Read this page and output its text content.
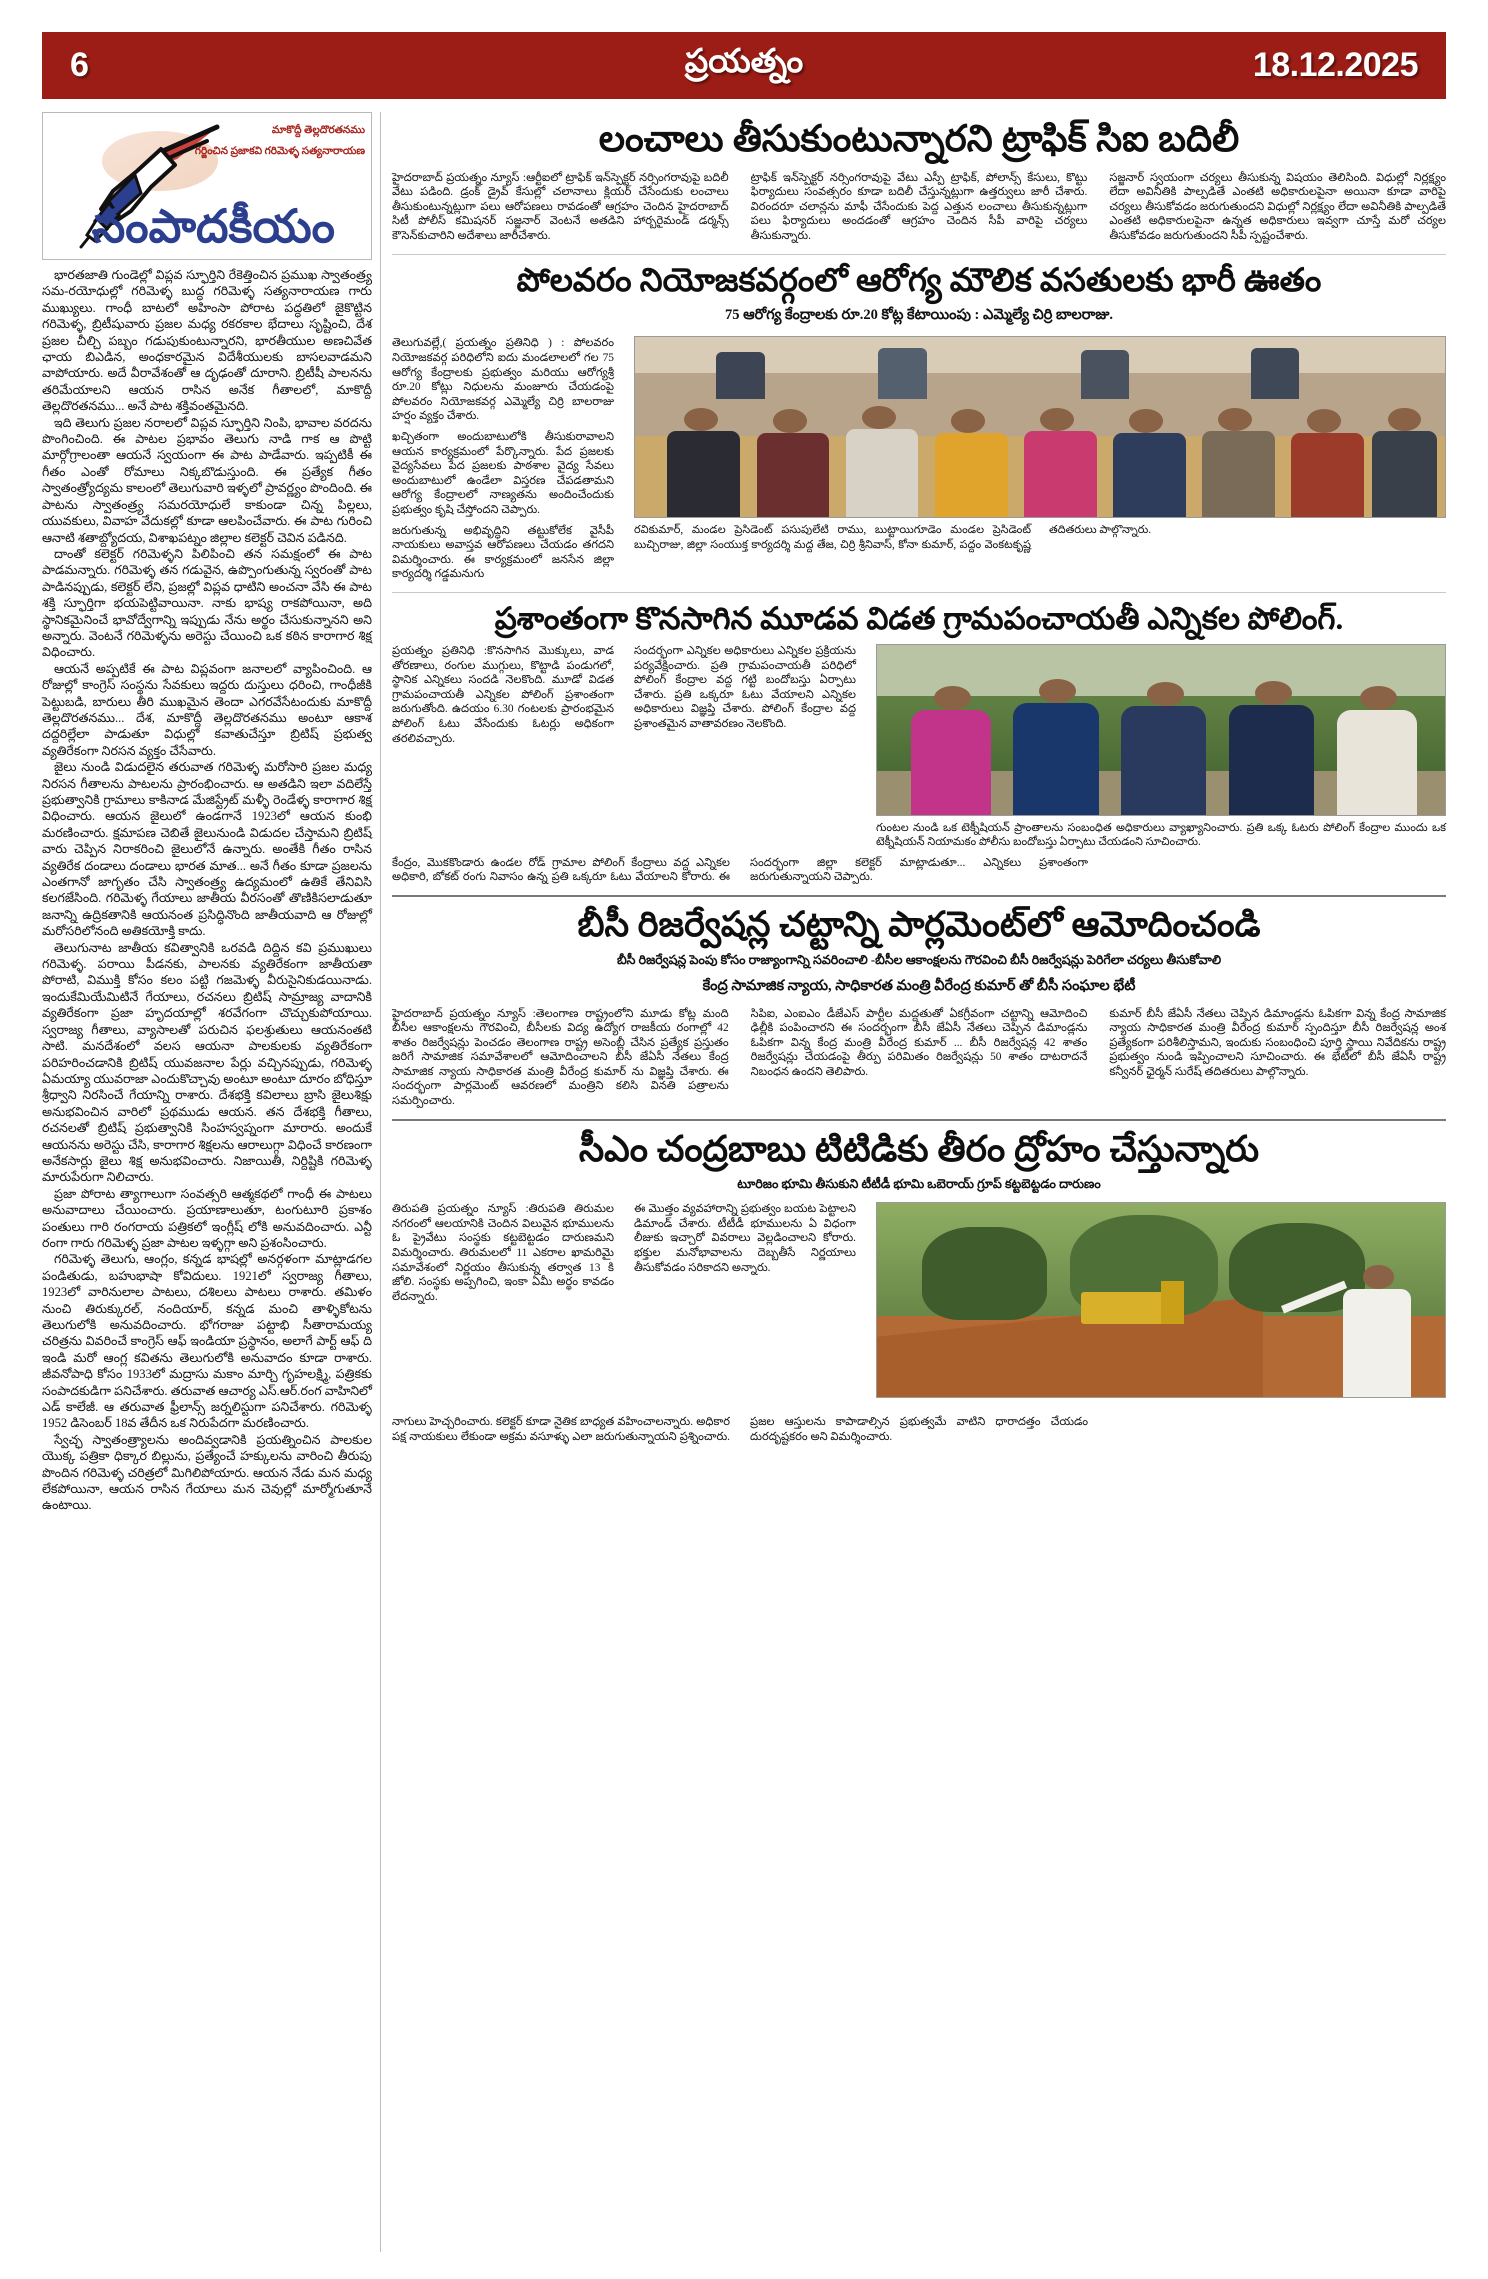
6	ప్రయత్నం	18.12.2025
మాకొద్దీ తెల్లదొరతనము
గర్జించిన ప్రజాకవి గరిమెళ్ళ సత్యనారాయణ
సంపాదకీయం

భారతజాతి గుండెల్లో విప్లవ స్ఫూర్తిని రేకెత్తించిన ప్రముఖ స్వాతంత్ర్య సమ-రయోధుల్లో గరిమెళ్ళ బుద్ధ గరిమెళ్ళ సత్యనారాయణ గారు ముఖ్యులు. గాంధీ బాటలో అహింసా పోరాట పద్ధతిలో జైకొట్టిన గరిమెళ్ళ, బ్రిటీషువారు ప్రజల మధ్య రకరకాల భేదాలు సృష్టించి, దేశ ప్రజల చీల్చి పబ్బం గడుపుకుంటున్నారని, భారతీయుల అణచివేత ఛాయ బిఎడిన, అంధకారమైన విదేశీయులకు బాసలవాడమని వాపోయారు. అదే వీరావేశంతో ఆ దృఢంతో దూరాని. బ్రిటీషీ పాలనను తరిమేయాలని ఆయన రాసిన అనేక గీతాలలో, మాకొద్దీ తెల్లదొరతనము... అనే పాట శక్తివంతమైనది.

ఇది తెలుగు ప్రజల నరాలలో విప్లవ స్ఫూర్తిని నింపి, భావాల వరదను పొంగించింది. ఈ పాటల ప్రభావం తెలుగు నాడి గాక ఆ పొట్టి మార్గోగ్రాలంతా ఆయనే స్వయంగా ఈ పాట పాడేవారు. ఇప్పటికీ ఈ గీతం ఎంతో రోమాలు నిక్కబొడుస్తుంది. ఈ ప్రత్యేక గీతం స్వాతంత్ర్యోద్యమ కాలంలో తెలుగువారి ఇళ్ళలో ప్రావర్ణ్యం పొందింది. ఈ పాటను స్వాతంత్ర్య సమరయోధులే కాకుండా చిన్న పిల్లలు, యువకులు, వివాహ వేదుకల్లో కూడా ఆలపించేవారు. ఈ పాట గురించి ఆనాటి శతాబ్ద్యోదయ, విశాఖపట్నం జిల్లాల కలెక్టర్ చెవిన పడినది.

దాంతో కలెక్టర్ గరిమెళ్ళని పిలిపించి తన సమక్షంలో ఈ పాట పాడమన్నారు. గరిమెళ్ళ తన గడువైన, ఉప్పొంగుతున్న స్వరంతో పాట పాడినప్పుడు, కలెక్టర్ లేని, ప్రజల్లో విప్లవ ధాటిని అంచనా వేసి ఈ పాట శక్తి స్ఫూర్తిగా భయపెట్టివాయినా. నాకు భాష్య రాకపోయినా, అది స్థానికమైనించే భావోద్వేగాన్ని ఇప్పుడు నేను అర్థం చేసుకున్నానని అని అన్నారు. వెంటనే గరిమెళ్ళను అరెస్టు చేయించి ఒక కఠిన కారాగార శిక్ష విధించారు.

ఆయనే అప్పటికే ఈ పాట విప్లవంగా జనాలలో వ్యాపించింది. ఆ రోజుల్లో కాంగ్రెస్ సంస్థను సేవకులు ఇద్దరు దుస్తులు ధరించి, గాంధీజీకి పెట్టుబడి, బారులు తీరి ముఖమైన తెందా ఎగరవేసేటందుకు మాకొద్దీ తెల్లదొరతనము... దేశ, మాకొద్దీ తెల్లదొరతనము అంటూ ఆకాశ దద్దరిల్లేలా పాడుతూ విధుల్లో కవాతుచేస్తూ బ్రిటిష్ ప్రభుత్వ వ్యతిరేకంగా నిరసన వ్యక్తం చేసేవారు.

జైలు నుండి విడుదలైన తరువాత గరిమెళ్ళ మరోసారి ప్రజల మధ్య నిరసన గీతాలను పాటలను ప్రారంభించారు. ఆ అతడిని ఇలా వదిలేస్తే ప్రభుత్వానికి గ్రామాలు కాకినాడ మేజిస్ట్రేట్ మళ్ళీ రెండేళ్ళ కారాగార శిక్ష విధించారు. ఆయన జైలులో ఉండగానే 1923లో ఆయన కుంభి మరణించారు. క్షమాపణ చెబితే జైలునుండి విడుదల చేస్తామని బ్రిటిష్ వారు చెప్పిన నిరాకరించి జైలులోనే ఉన్నారు. అంతేకి గీతం రాసిన వ్యతిరేక దండాలు దండాలు భారత మాత... అనే గీతం కూడా ప్రజలను ఎంతగానో జాగృతం చేసి స్వాతంత్ర్య ఉద్యమంలో ఉతికే తేనివిసి కలగజేసింది. గరిమెళ్ళ గేయాలు జాతీయ వీరసంతో తొణికిసలాడుతూ జనాన్ని ఉద్రికతానికి ఆయనంత ప్రసిద్ధినొంది జాతీయవాది ఆ రోజుల్లో మరోసరిలోనంది అతికయోక్తి కాదు.

తెలుగునాట జాతీయ కవిత్వానికి ఒరవడి దిద్దిన కవి ప్రముఖులు గరిమెళ్ళ. పరాయి పీడనకు, పాలనకు వ్యతిరేకంగా జాతీయతా పోరాటి, విముక్తి కోసం కలం పట్టి గజమెళ్ళ వీరుసైనికుడయినాడు. ఇందుకేమియేమిటినే గేయాలు, రచనలు బ్రిటిష్ సామ్రాజ్య వాదానికి వ్యతిరేకంగా ప్రజా హృదయాల్లో శరవేగంగా చొచ్చుకుపోయాయి. స్వరాజ్య గీతాలు, వ్యాసాలతో పరుచిన ఫలశ్రుతులు ఆయనంతటి సాటి. మనదేశంలో వలస ఆయనా పాలకులకు వ్యతిరేకంగా పరిహరించడానికి బ్రిటిష్ యువజనాల పేర్లు వచ్చినప్పుడు, గరిమెళ్ళ ఏమయ్యా యువరాజా ఎందుకొచ్చావు అంటూ అంటూ దూరం బోధిస్తూ శ్రీధ్వాని నిరసించే గేయాన్ని రాశారు. దేశభక్తి కవిలాలు బ్రాసి జైలుశిక్షు అనుభవించిన వారిలో ప్రథముడు ఆయన. తన దేశభక్తి గీతాలు, రచనలతో బ్రిటిష్ ప్రభుత్వానికి సింహస్వప్నంగా మారారు. అందుకే ఆయనను అరెస్టు చేసి, కారాగార శిక్షలను ఆరాలుగ్గా విధించే కారణంగా అనేకసార్లు జైలు శిక్ష అనుభవించారు. నిజాయితీ, నిర్దిష్టికి గరిమెళ్ళ మారుపేరుగా నిలిచారు.

ప్రజా పోరాట త్యాగాలుగా సంవత్సరి ఆత్మకథలో గాంధీ ఈ పాటలు అనువాదాలు చేయించారు. ప్రయాణాలుతూ, టంగుటూరి ప్రకాశం పంతులు గారి రంగరాయ పత్రికలో ఇంగ్లీష్ లోకి అనువదించారు. ఎన్టీ రంగా గారు గరిమెళ్ళ ప్రజా పాటల ఇళ్ళగ్గా అని ప్రశంసించారు.

గరిమెళ్ళ తెలుగు, ఆంగ్లం, కన్నడ భాషల్లో అనర్గళంగా మాట్లాడగల పండితుడు, బహుభాషా కోవిదులు. 1921లో స్వరాజ్య గీతాలు, 1923లో వారినులాల పాటలు, దశిలలు పాటలు రాశారు. తమిళం నుంచి తిరుక్కురల్, నందియార్, కన్నడ మంచి తాళ్ళికోటను తెలుగులోకి అనువదించారు. భోగరాజు పట్టాభి సీతారామయ్య చరిత్రను వివరించే కాంగ్రెస్ ఆఫ్ ఇండియా ప్రస్థానం, అలాగే పార్ట్ ఆఫ్ ది ఇండి మరో ఆంగ్ల కవితను తెలుగులోకి అనువాదం కూడా రాశారు. జీవనోపాధి కోసం 1933లో మద్రాసు మకాం మార్చి గృహలక్ష్మి, పత్రికకు సంపాదకుడిగా పనిచేశారు. తరువాత ఆచార్య ఎస్.ఆర్.రంగ వాహినిలో ఎడ్ కాలేజీ. ఆ తరువాత ఫ్రీలాన్స్ జర్నలిస్టుగా పనిచేశారు. గరిమెళ్ళ 1952 డిసెంబర్ 18వ తేదీన ఒక నిరుపేదగా మరణించారు.

స్వేచ్ఛ స్వాతంత్ర్యాలను అందివ్వడానికి ప్రయత్నించిన పాలకుల యొక్క పత్రికా ధిక్కార బిల్లును, ప్రత్యేంచే హక్కులను వారించి తీరుపు పొందిన గరిమెళ్ళ చరిత్రలో మిగిలిపోయారు. ఆయన నేడు మన మధ్య లేకపోయినా, ఆయన రాసిన గేయాలు మన చెవుల్లో మార్మోగుతూనే ఉంటాయి.

లంచాలు తీసుకుంటున్నారని ట్రాఫిక్ సిఐ బదిలీ

హైదరాబాద్ ప్రయత్నం న్యూస్ :ఆర్టీఐలో ట్రాఫిక్ ఇన్‌స్పెక్టర్ నర్సింగరావుపై బదిలీ వేటు పడింది. డ్రంక్ డ్రైవ్ కేసుల్లో చలానాలు క్లియర్ చేసేందుకు లంచాలు తీసుకుంటున్నట్లుగా పలు ఆరోపణలు రావడంతో ఆగ్రహం చెందిన హైదరాబాద్ సిటీ పోలీస్ కమిషనర్ సజ్జనార్ వెంటనే అతడిని హార్బరైమండ్ డర్మన్స్ కౌసెన్‌కుచారిని అదేశాలు జారీచేశారు.

ట్రాఫిక్ ఇన్‌స్పెక్టర్ నర్సింగరావుపై వేటు ఎస్పీ ట్రాఫిక్, పోలాన్స్ కేసులు, కొట్టు ఫిర్యాదులు సంవత్సరం కూడా బదిలీ చేస్తున్నట్లుగా ఉత్తర్వులు జారీ చేశారు. విరందరూ చలాన్లను మాఫీ చేసేందుకు పెద్ద ఎత్తున లంచాలు తీసుకున్నట్లుగా పలు ఫిర్యాదులు అందడంతో ఆగ్రహం చెందిన సీపీ వారిపై చర్యలు తీసుకున్నారు.

సజ్జనార్ స్వయంగా చర్యలు తీసుకున్న విషయం తెలిసింది. విధుల్లో నిర్లక్ష్యం లేదా అవినీతికి పాల్పడితే ఎంతటి అధికారులపైనా అయినా కూడా వారిపై చర్యలు తీసుకోవడం జరుగుతుందని విధుల్లో నిర్లక్ష్యం లేదా అవినీతికి పాల్పడితే ఎంతటి అధికారులపైనా ఉన్నత అధికారులు ఇవ్వగా చూస్తే మరో చర్యల తీసుకోవడం జరుగుతుందని సీపీ స్పష్టంచేశారు.

పోలవరం నియోజకవర్గంలో ఆరోగ్య మౌలిక వసతులకు భారీ ఊతం
75 ఆరోగ్య కేంద్రాలకు రూ.20 కోట్ల కేటాయింపు : ఎమ్మెల్యే చిర్రి బాలరాజు.

తెలుగువల్లే,( ప్రయత్నం ప్రతినిధి ) : పోలవరం నియోజకవర్గ పరిధిలోని ఐదు మండలాలలో గల 75 ఆరోగ్య కేంద్రాలకు ప్రభుత్వం మరియు ఆరోగ్యశ్రీ రూ.20 కోట్లు నిధులను మంజూరు చేయడంపై పోలవరం నియోజకవర్గ ఎమ్మెల్యే చిర్రి బాలరాజు హర్షం వ్యక్తం చేశారు.

ఖచ్చితంగా అందుబాటులోకి తీసుకురావాలని ఆయన కార్యక్రమంలో పేర్కొన్నారు. పేద ప్రజలకు వైద్యసేవలు పేద ప్రజలకు పాఠశాల వైద్య సేవలు అందుబాటులో ఉండేలా విస్తరణ చేపడతామని ఆరోగ్య కేంద్రాలలో నాణ్యతను అందించేందుకు ప్రభుత్వం కృషి చేస్తోందని చెప్పారు.

జరుగుతున్న అభివృద్ధిని తట్టుకోలేక వైసీపీ నాయకులు అవాస్తవ ఆరోపణలు చేయడం తగదని విమర్శించారు. ఈ కార్యక్రమంలో జనసేన జిల్లా కార్యదర్శి గడ్డమనుగు

రవికుమార్, మండల ప్రెసిడెంట్ పసుపులేటి రాము, బుట్టాయిగూడెం మండల ప్రెసిడెంట్ బుచ్చిరాజు, జిల్లా సంయుక్త కార్యదర్శి మద్ద తేజ, చిర్రి శ్రీనివాస్, కోనా కుమార్, పద్దం వెంకటకృష్ణ తదితరులు పాల్గొన్నారు.
ప్రశాంతంగా కొనసాగిన మూడవ విడత గ్రామపంచాయతీ ఎన్నికల పోలింగ్.

ప్రయత్నం ప్రతినిధి :కొనసాగిన మొక్కులు, వాడ తోరణాలు, రంగుల ముగ్గులు, కొట్టాడి పండుగలో, స్థానిక ఎన్నికలు సందడి నెలకొంది. మూడో విడత గ్రామపంచాయతీ ఎన్నికల పోలింగ్ ప్రశాంతంగా జరుగుతోంది. ఉదయం 6.30 గంటలకు ప్రారంభమైన పోలింగ్ ఓటు వేసేందుకు ఓటర్లు అధికంగా తరలివచ్చారు.

సందర్భంగా ఎన్నికల అధికారులు ఎన్నికల ప్రక్రియను పర్యవేక్షించారు. ప్రతి గ్రామపంచాయతీ పరిధిలో పోలింగ్ కేంద్రాల వద్ద గట్టి బందోబస్తు ఏర్పాటు చేశారు. ప్రతి ఒక్కరూ ఓటు వేయాలని ఎన్నికల అధికారులు విజ్ఞప్తి చేశారు. పోలింగ్ కేంద్రాల వద్ద ప్రశాంతమైన వాతావరణం నెలకొంది.

గుంటల నుండి ఒక టెక్నీషియన్ ప్రాంతాలను సంబంధిత అధికారులు వ్యాఖ్యానించారు. ప్రతి ఒక్క ఓటరు పోలింగ్ కేంద్రాల ముందు ఒక టెక్నీషియన్ నియామకం పోలీసు బందోబస్తు ఏర్పాటు చేయడంని సూచించారు.

కేంద్రం, మొకకొండారు ఉండల రోడ్ గ్రామాల పోలింగ్ కేంద్రాలు వద్ద ఎన్నికల అధికారి, బోకట్ రంగు నివాసం ఉన్న ప్రతి ఒక్కరూ ఓటు వేయాలని కోరారు. ఈ సందర్భంగా జిల్లా కలెక్టర్ మాట్లాడుతూ... ఎన్నికలు ప్రశాంతంగా జరుగుతున్నాయని చెప్పారు.

బీసీ రిజర్వేషన్ల చట్టాన్ని పార్లమెంట్‌లో ఆమోదించండి
బీసీ రిజర్వేషన్ల పెంపు కోసం రాజ్యాంగాన్ని సవరించాలి -బీసీల ఆకాంక్షలను గౌరవించి బీసీ రిజర్వేషన్లు పెరిగేలా చర్యలు తీసుకోవాలి
కేంద్ర సామాజిక న్యాయ, సాధికారత మంత్రి వీరేంద్ర కుమార్ తో బీసీ సంఘాల భేటీ

హైదరాబాద్ ప్రయత్నం న్యూస్ :తెలంగాణ రాష్ట్రంలోని మూడు కోట్ల మంది బీసీల ఆకాంక్షలను గౌరవించి, బీసీలకు విద్య ఉద్యోగ రాజకీయ రంగాల్లో 42 శాతం రిజర్వేషన్లు పెంచడం తెలంగాణ రాష్ట్ర అసెంబ్లీ చేసిన ప్రత్యేక ప్రస్తుతం జరిగే సామాజిక సమావేశాలలో ఆమోదించాలని బీసీ జేఏసీ నేతలు కేంద్ర సామాజిక న్యాయ సాధికారత మంత్రి వీరేంద్ర కుమార్ ను విజ్ఞప్తి చేశారు. ఈ సందర్భంగా పార్లమెంట్ ఆవరణలో మంత్రిని కలిసి వినతి పత్రాలను సమర్పించారు.

సిపిఐ, ఎంఐఎం డీజేఎస్ పార్టీల మద్దతుతో ఏకగ్రీవంగా చట్టాన్ని ఆమోదించి ఢిల్లీకి పంపించారని ఈ సందర్భంగా బీసీ జేఏసీ నేతలు చెప్పిన డిమాండ్లను ఓపికగా విన్న కేంద్ర మంత్రి వీరేంద్ర కుమార్ ... బీసీ రిజర్వేషన్ల 42 శాతం రిజర్వేషన్లు చేయడంపై తీర్పు పరిమితం రిజర్వేషన్లు 50 శాతం దాటరాదనే నిబంధన ఉందని తెలిపారు.

కుమార్ బీసీ జేఏసీ నేతలు చెప్పిన డిమాండ్లను ఓపికగా విన్న కేంద్ర సామాజిక న్యాయ సాధికారత మంత్రి వీరేంద్ర కుమార్ స్పందిస్తూ బీసీ రిజర్వేషన్ల అంశ ప్రత్యేకంగా పరిశీలిస్తామని, ఇందుకు సంబంధించి పూర్తి స్థాయి నివేదికను రాష్ట్ర ప్రభుత్వం నుండి ఇప్పించాలని సూచించారు. ఈ భేటీలో బీసీ జేఏసీ రాష్ట్ర కన్వీనర్ ఛైర్మన్ సురేష్ తదితరులు పాల్గొన్నారు.

సీఎం చంద్రబాబు టిటిడికు తీరం ద్రోహం చేస్తున్నారు
టూరిజం భూమి తీసుకుని టీటీడీ భూమి ఒబెరాయ్ గ్రూప్ కట్టబెట్టడం దారుణం

తిరుపతి ప్రయత్నం న్యూస్ :తిరుపతి తిరుమల నగరంలో ఆలయానికి చెందిన విలువైన భూములను ఓ ప్రైవేటు సంస్థకు కట్టబెట్టడం దారుణమని విమర్శించారు. తిరుమలలో 11 ఎకరాల ఖామరిమై సమావేశంలో నిర్ణయం తీసుకున్న తర్వాత 13 కి జోలి. సంస్థకు అప్పగించి, ఇంకా ఏమీ అర్థం కావడం లేదన్నారు.

ఈ మొత్తం వ్యవహారాన్ని ప్రభుత్వం బయట పెట్టాలని డిమాండ్ చేశారు. టీటీడీ భూములను ఏ విధంగా లీజుకు ఇచ్చారో వివరాలు వెల్లడించాలని కోరారు. భక్తుల మనోభావాలను దెబ్బతీసే నిర్ణయాలు తీసుకోవడం సరికాదని అన్నారు.

నాగులు హెచ్చరించారు. కలెక్టర్ కూడా నైతిక బాధ్యత వహించాలన్నారు. అధికార పక్ష నాయకులు లేకుండా అక్రమ వసూళ్ళు ఎలా జరుగుతున్నాయని ప్రశ్నించారు. ప్రజల ఆస్తులను కాపాడాల్సిన ప్రభుత్వమే వాటిని ధారాదత్తం చేయడం దురదృష్టకరం అని విమర్శించారు.
